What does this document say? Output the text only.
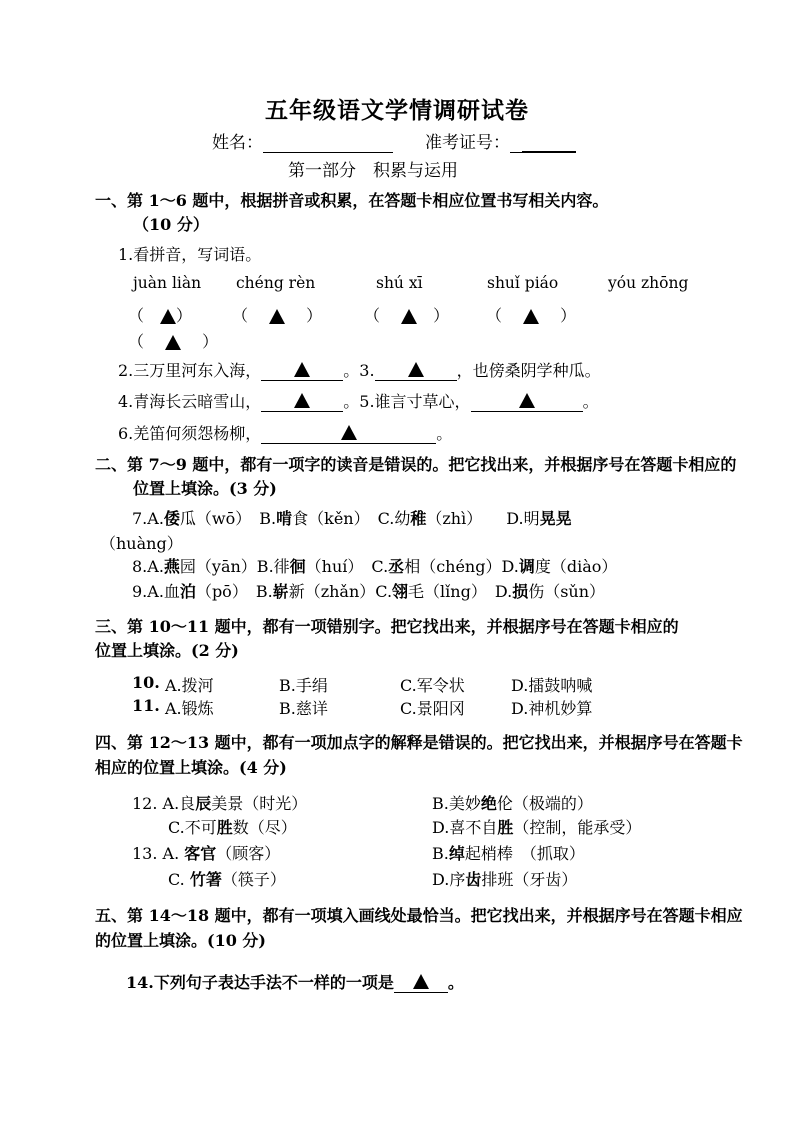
五年级语文学情调研试卷
姓名：	准考证号：
第一部分　积累与运用
一、第 1～6 题中，根据拼音或积累，在答题卡相应位置书写相关内容。
（10 分）
1.看拼音，写词语。
juàn liàn chéng rèn	shú xī	shuǐ piáo	yóu zhōng
（　） （　 　 ）	（　 　） （　 　 ）
（　 　 ）
2.三万里河东入海，	。3.	，也傍桑阴学种瓜。
4.青海长云暗雪山，	。5.谁言寸草心，	。
6.羌笛何须怨杨柳，	。
二、第 7～9 题中，都有一项字的读音是错误的。把它找出来，并根据序号在答题卡相应的
位置上填涂。(3 分)
7.A.倭瓜（wō）　B.啃食（kěn）　C.幼稚（zhì）　　D.明晃晃
（huàng）
8.A.燕园（yān）B.徘徊（huí）　C.丞相（chéng）D.调度（diào）
9.A.血泊（pō）　B.崭新（zhǎn）C.翎毛（lǐng）　D.损伤（sǔn）
三、第 10～11 题中，都有一项错别字。把它找出来，并根据序号在答题卡相应的
位置上填涂。(2 分)
10. A.拨河	B.手绢	C.军令状	D.擂鼓呐喊
11. A.锻炼	B.慈详	C.景阳冈	D.神机妙算
四、第 12～13 题中，都有一项加点字的解释是错误的。把它找出来，并根据序号在答题卡
相应的位置上填涂。(4 分)
12. A.良辰美景（时光）	B.美妙绝伦（极端的）
C.不可胜数（尽）	D.喜不自胜（控制，能承受）
13. A. 客官（顾客）	B.绰起梢棒　（抓取）
C. 竹箸（筷子）	D.序齿排班（牙齿）
五、第 14～18 题中，都有一项填入画线处最恰当。把它找出来，并根据序号在答题卡相应
的位置上填涂。(10 分)
14.下列句子表达手法不一样的一项是	。
